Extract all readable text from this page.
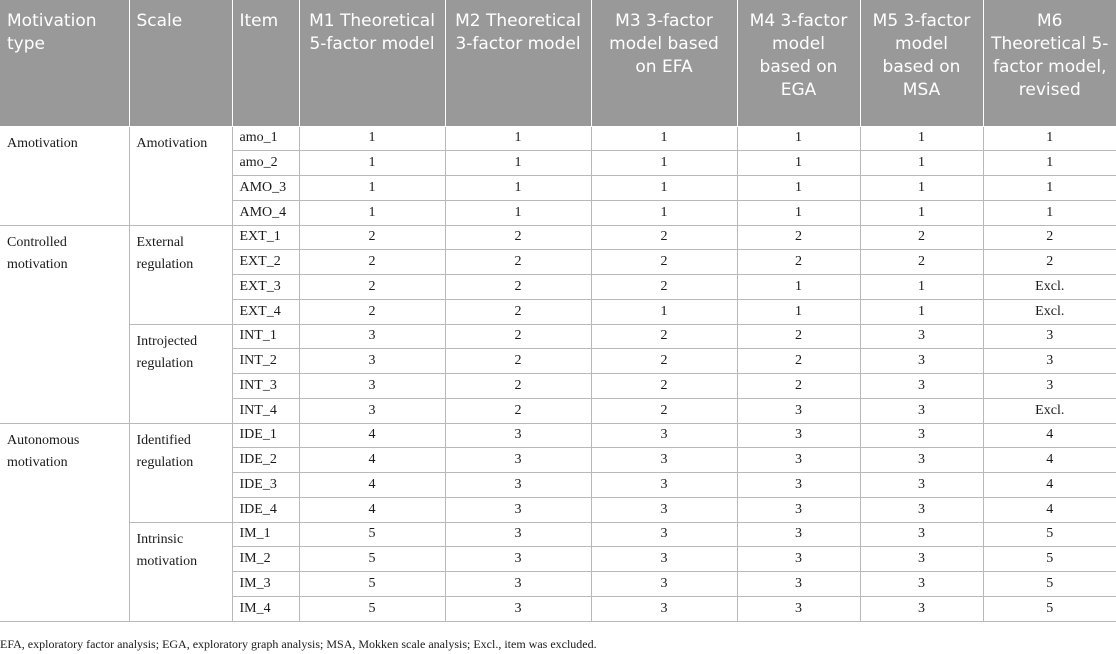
Motivation type	Scale	Item	M1 Theoretical 5-factor model	M2 Theoretical 3-factor model	M3 3-factor model based on EFA	M4 3-factor model based on EGA	M5 3-factor model based on MSA	M6 Theoretical 5-factor model, revised
Amotivation	Amotivation	amo_1	1	1	1	1	1	1
		amo_2	1	1	1	1	1	1
		AMO_3	1	1	1	1	1	1
		AMO_4	1	1	1	1	1	1
Controlled motivation	External regulation	EXT_1	2	2	2	2	2	2
		EXT_2	2	2	2	2	2	2
		EXT_3	2	2	2	1	1	Excl.
		EXT_4	2	2	1	1	1	Excl.
	Introjected regulation	INT_1	3	2	2	2	3	3
		INT_2	3	2	2	2	3	3
		INT_3	3	2	2	2	3	3
		INT_4	3	2	2	3	3	Excl.
Autonomous motivation	Identified regulation	IDE_1	4	3	3	3	3	4
		IDE_2	4	3	3	3	3	4
		IDE_3	4	3	3	3	3	4
		IDE_4	4	3	3	3	3	4
	Intrinsic motivation	IM_1	5	3	3	3	3	5
		IM_2	5	3	3	3	3	5
		IM_3	5	3	3	3	3	5
		IM_4	5	3	3	3	3	5
EFA, exploratory factor analysis; EGA, exploratory graph analysis; MSA, Mokken scale analysis; Excl., item was excluded.
